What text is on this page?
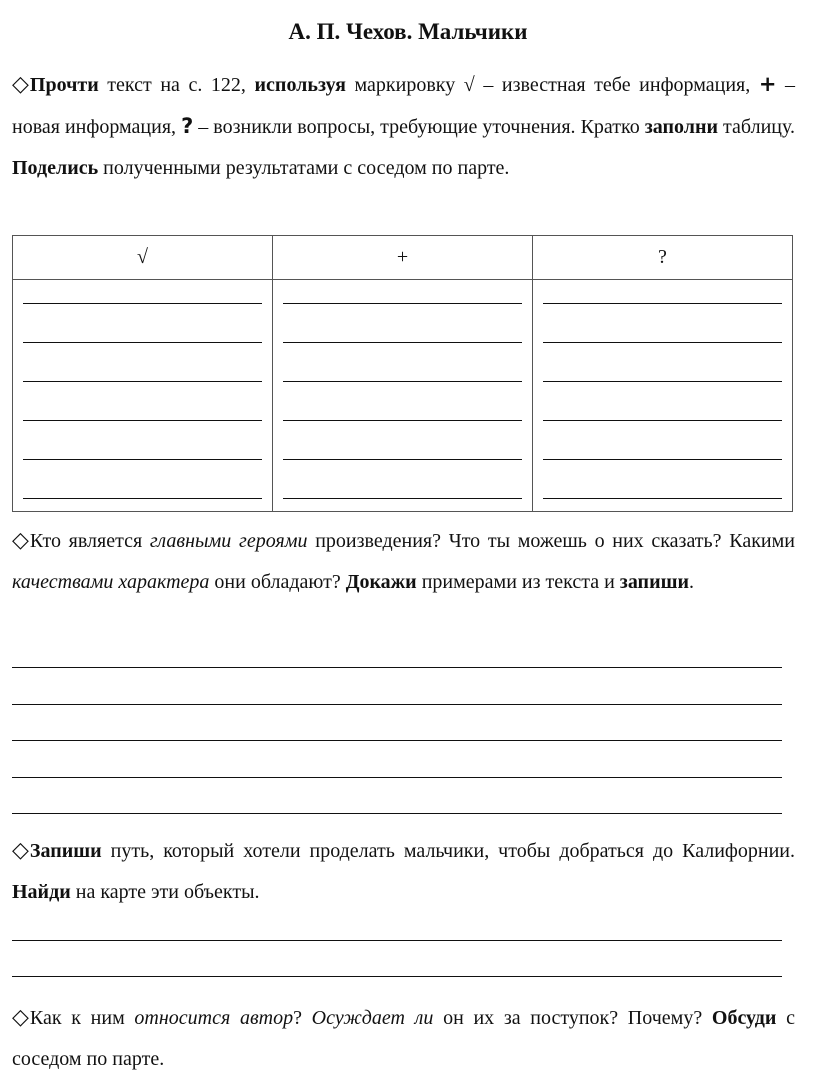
А. П. Чехов. Мальчики

◇Прочти текст на с. 122, используя маркировку √ – известная тебе информация, + – новая информация, ? – возникли вопросы, требующие уточнения. Кратко заполни таблицу. Поделись полученными результатами с соседом по парте.

√	+	?

◇Кто является главными героями произведения? Что ты можешь о них сказать? Какими качествами характера они обладают? Докажи примерами из текста и запиши.

◇Запиши путь, который хотели проделать мальчики, чтобы добраться до Калифорнии. Найди на карте эти объекты.

◇Как к ним относится автор? Осуждает ли он их за поступок? Почему? Обсуди с соседом по парте.
